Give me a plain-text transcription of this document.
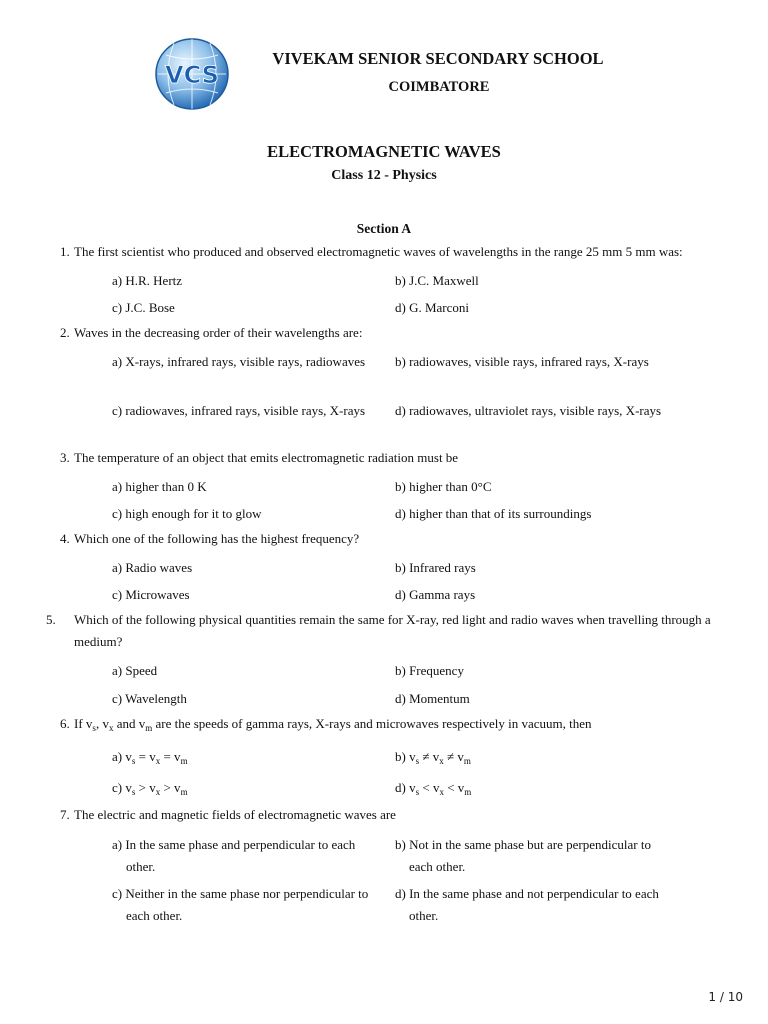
VCS
VIVEKAM SENIOR SECONDARY SCHOOL
COIMBATORE
ELECTROMAGNETIC WAVES
Class 12 - Physics
Section A
1. The first scientist who produced and observed electromagnetic waves of wavelengths in the range 25 mm 5 mm was:
a) H.R. Hertz	b) J.C. Maxwell
c) J.C. Bose	d) G. Marconi
2. Waves in the decreasing order of their wavelengths are:
a) X-rays, infrared rays, visible rays, radiowaves	b) radiowaves, visible rays, infrared rays, X-rays
c) radiowaves, infrared rays, visible rays, X-rays	d) radiowaves, ultraviolet rays, visible rays, X-rays
3. The temperature of an object that emits electromagnetic radiation must be
a) higher than 0 K	b) higher than 0°C
c) high enough for it to glow	d) higher than that of its surroundings
4. Which one of the following has the highest frequency?
a) Radio waves	b) Infrared rays
c) Microwaves	d) Gamma rays
5. Which of the following physical quantities remain the same for X-ray, red light and radio waves when travelling through a medium?
a) Speed	b) Frequency
c) Wavelength	d) Momentum
6. If $v_s$, $v_x$ and $v_m$ are the speeds of gamma rays, X-rays and microwaves respectively in vacuum, then
a) $v_s = v_x = v_m$	b) $v_s \ne v_x \ne v_m$
c) $v_s > v_x > v_m$	d) $v_s < v_x < v_m$
7. The electric and magnetic fields of electromagnetic waves are
a) In the same phase and perpendicular to each other.
b) Not in the same phase but are perpendicular to each other.
c) Neither in the same phase nor perpendicular to each other.
d) In the same phase and not perpendicular to each other.
1 / 10
